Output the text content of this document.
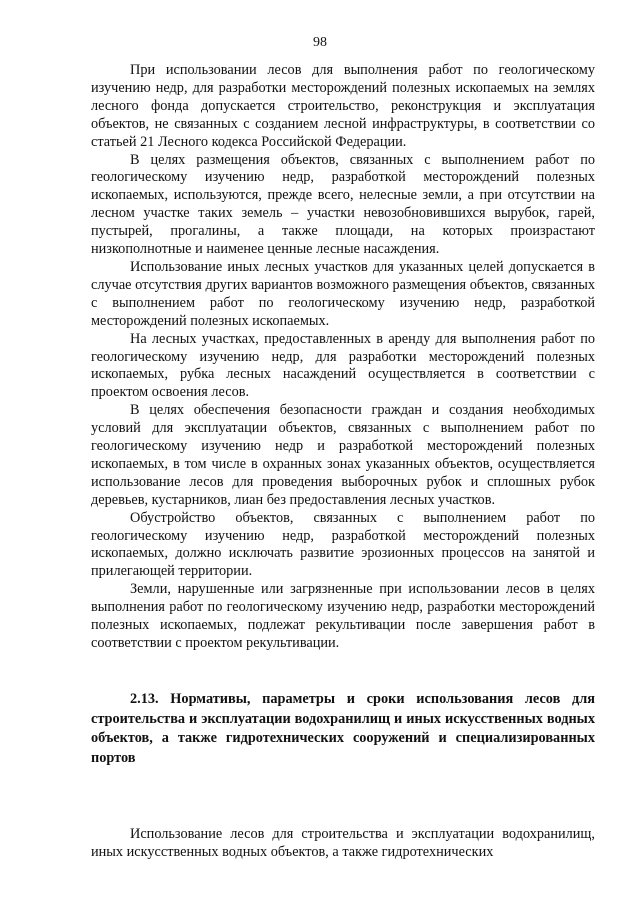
98

При использовании лесов для выполнения работ по геологическому изучению недр, для разработки месторождений полезных ископаемых на землях лесного фонда допускается строительство, реконструкция и эксплуатация объектов, не связанных с созданием лесной инфраструктуры, в соответствии со статьей 21 Лесного кодекса Российской Федерации.

В целях размещения объектов, связанных с выполнением работ по геологическому изучению недр, разработкой месторождений полезных ископаемых, используются, прежде всего, нелесные земли, а при отсутствии на лесном участке таких земель – участки невозобновившихся вырубок, гарей, пустырей, прогалины, а также площади, на которых произрастают низкополнотные и наименее ценные лесные насаждения.

Использование иных лесных участков для указанных целей допускается в случае отсутствия других вариантов возможного размещения объектов, связанных с выполнением работ по геологическому изучению недр, разработкой месторождений полезных ископаемых.

На лесных участках, предоставленных в аренду для выполнения работ по геологическому изучению недр, для разработки месторождений полезных ископаемых, рубка лесных насаждений осуществляется в соответствии с проектом освоения лесов.

В целях обеспечения безопасности граждан и создания необходимых условий для эксплуатации объектов, связанных с выполнением работ по геологическому изучению недр и разработкой месторождений полезных ископаемых, в том числе в охранных зонах указанных объектов, осуществляется использование лесов для проведения выборочных рубок и сплошных рубок деревьев, кустарников, лиан без предоставления лесных участков.

Обустройство объектов, связанных с выполнением работ по геологическому изучению недр, разработкой месторождений полезных ископаемых, должно исключать развитие эрозионных процессов на занятой и прилегающей территории.

Земли, нарушенные или загрязненные при использовании лесов в целях выполнения работ по геологическому изучению недр, разработки месторождений полезных ископаемых, подлежат рекультивации после завершения работ в соответствии с проектом рекультивации.

2.13. Нормативы, параметры и сроки использования лесов для строительства и эксплуатации водохранилищ и иных искусственных водных объектов, а также гидротехнических сооружений и специализированных портов

Использование лесов для строительства и эксплуатации водохранилищ, иных искусственных водных объектов, а также гидротехнических
